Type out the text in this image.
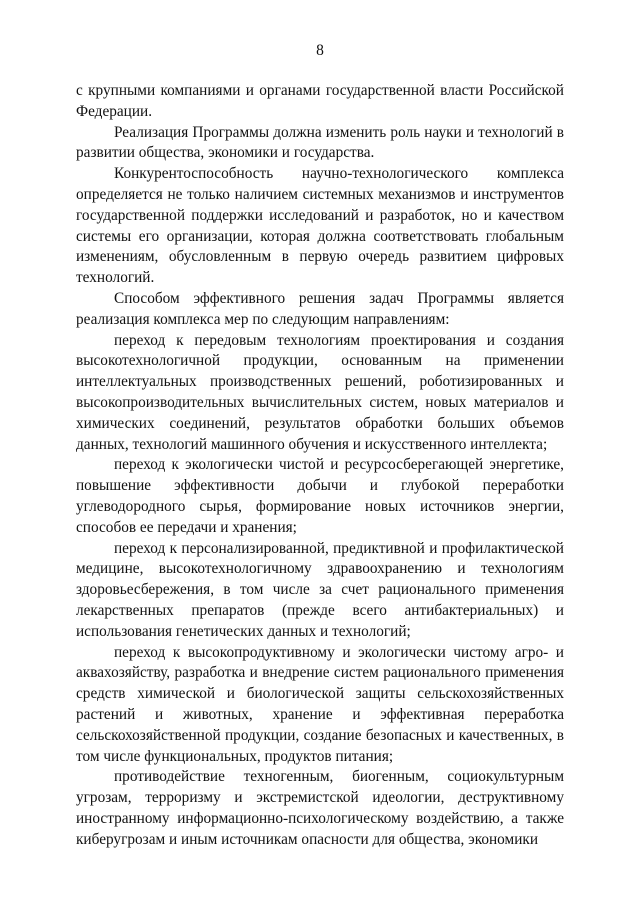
8

с крупными компаниями и органами государственной власти Российской Федерации.

Реализация Программы должна изменить роль науки и технологий в развитии общества, экономики и государства.

Конкурентоспособность научно-технологического комплекса определяется не только наличием системных механизмов и инструментов государственной поддержки исследований и разработок, но и качеством системы его организации, которая должна соответствовать глобальным изменениям, обусловленным в первую очередь развитием цифровых технологий.

Способом эффективного решения задач Программы является реализация комплекса мер по следующим направлениям:

переход к передовым технологиям проектирования и создания высокотехнологичной продукции, основанным на применении интеллектуальных производственных решений, роботизированных и высокопроизводительных вычислительных систем, новых материалов и химических соединений, результатов обработки больших объемов данных, технологий машинного обучения и искусственного интеллекта;

переход к экологически чистой и ресурсосберегающей энергетике, повышение эффективности добычи и глубокой переработки углеводородного сырья, формирование новых источников энергии, способов ее передачи и хранения;

переход к персонализированной, предиктивной и профилактической медицине, высокотехнологичному здравоохранению и технологиям здоровьесбережения, в том числе за счет рационального применения лекарственных препаратов (прежде всего антибактериальных) и использования генетических данных и технологий;

переход к высокопродуктивному и экологически чистому агро- и аквахозяйству, разработка и внедрение систем рационального применения средств химической и биологической защиты сельскохозяйственных растений и животных, хранение и эффективная переработка сельскохозяйственной продукции, создание безопасных и качественных, в том числе функциональных, продуктов питания;

противодействие техногенным, биогенным, социокультурным угрозам, терроризму и экстремистской идеологии, деструктивному иностранному информационно-психологическому воздействию, а также киберугрозам и иным источникам опасности для общества, экономики
